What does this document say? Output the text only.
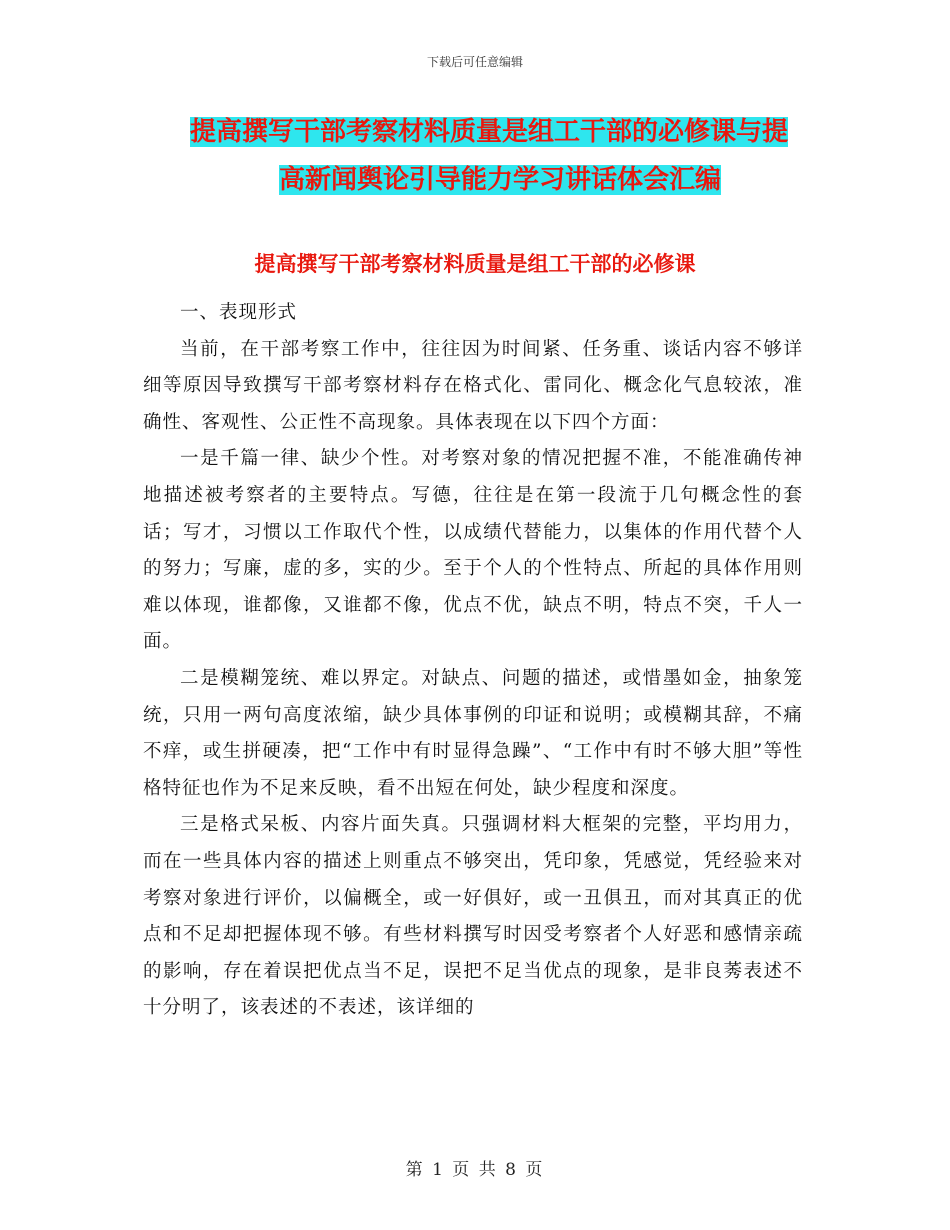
下载后可任意编辑
提高撰写干部考察材料质量是组工干部的必修课与提
高新闻舆论引导能力学习讲话体会汇编
提高撰写干部考察材料质量是组工干部的必修课

一、表现形式

当前，在干部考察工作中，往往因为时间紧、任务重、谈话内容不够详细等原因导致撰写干部考察材料存在格式化、雷同化、概念化气息较浓，准确性、客观性、公正性不高现象。具体表现在以下四个方面：

一是千篇一律、缺少个性。对考察对象的情况把握不准，不能准确传神地描述被考察者的主要特点。写德，往往是在第一段流于几句概念性的套话；写才，习惯以工作取代个性，以成绩代替能力，以集体的作用代替个人的努力；写廉，虚的多，实的少。至于个人的个性特点、所起的具体作用则难以体现，谁都像，又谁都不像，优点不优，缺点不明，特点不突，千人一面。

二是模糊笼统、难以界定。对缺点、问题的描述，或惜墨如金，抽象笼统，只用一两句高度浓缩，缺少具体事例的印证和说明；或模糊其辞，不痛不痒，或生拼硬凑，把“工作中有时显得急躁”、“工作中有时不够大胆”等性格特征也作为不足来反映，看不出短在何处，缺少程度和深度。

三是格式呆板、内容片面失真。只强调材料大框架的完整，平均用力，而在一些具体内容的描述上则重点不够突出，凭印象，凭感觉，凭经验来对考察对象进行评价，以偏概全，或一好俱好，或一丑俱丑，而对其真正的优点和不足却把握体现不够。有些材料撰写时因受考察者个人好恶和感情亲疏的影响，存在着误把优点当不足，误把不足当优点的现象，是非良莠表述不十分明了，该表述的不表述，该详细的

第 1 页 共 8 页
